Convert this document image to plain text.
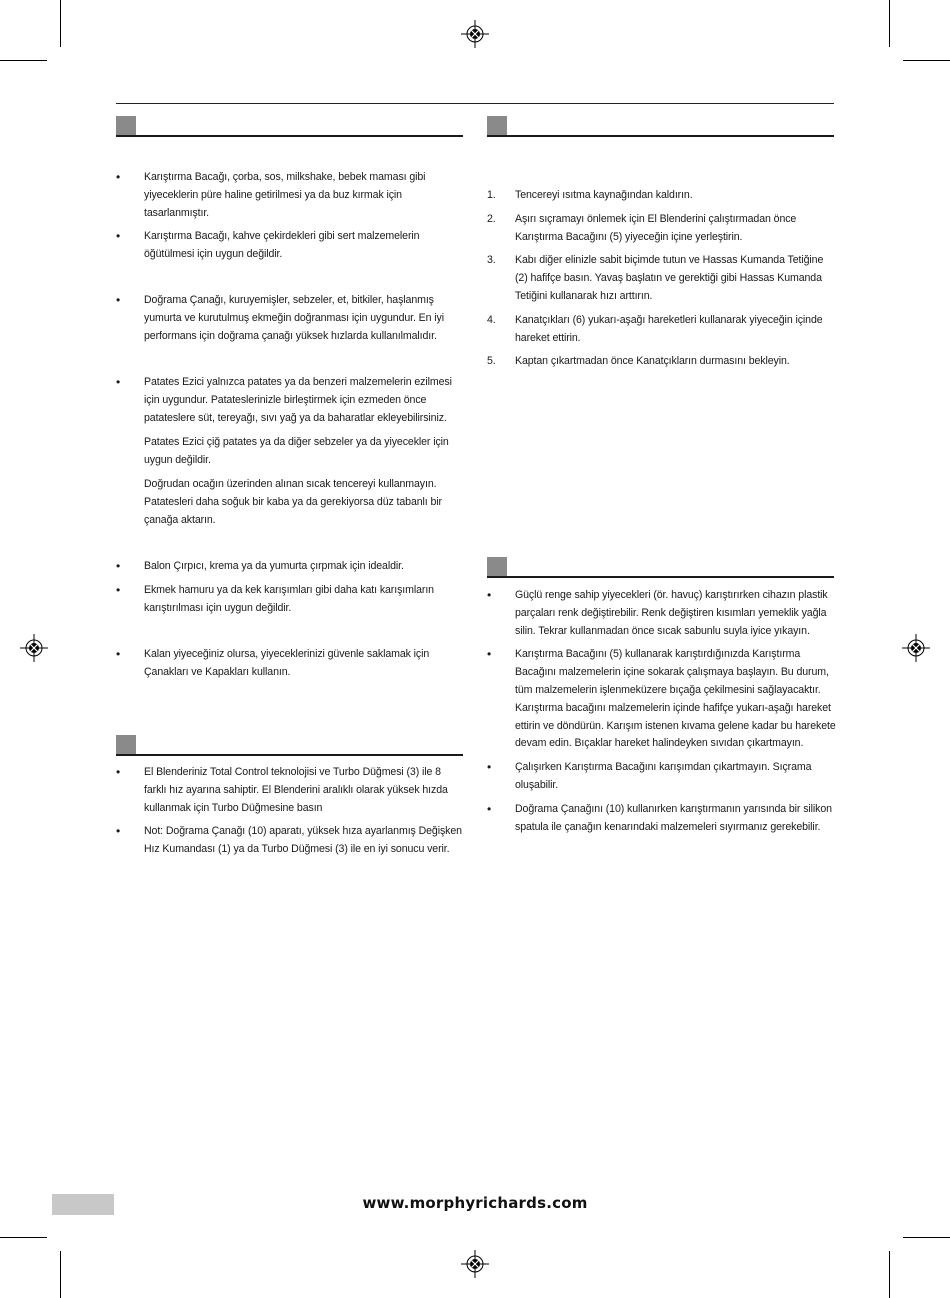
• Karıştırma Bacağı, çorba, sos, milkshake, bebek maması gibi yiyeceklerin püre haline getirilmesi ya da buz kırmak için tasarlanmıştır.
• Karıştırma Bacağı, kahve çekirdekleri gibi sert malzemelerin öğütülmesi için uygun değildir.
• Doğrama Çanağı, kuruyemişler, sebzeler, et, bitkiler, haşlanmış yumurta ve kurutulmuş ekmeğin doğranması için uygundur. En iyi performans için doğrama çanağı yüksek hızlarda kullanılmalıdır.
• Patates Ezici yalnızca patates ya da benzeri malzemelerin ezilmesi için uygundur. Patateslerinizle birleştirmek için ezmeden önce patateslere süt, tereyağı, sıvı yağ ya da baharatlar ekleyebilirsiniz.

Patates Ezici çiğ patates ya da diğer sebzeler ya da yiyecekler için uygun değildir.

Doğrudan ocağın üzerinden alınan sıcak tencereyi kullanmayın. Patatesleri daha soğuk bir kaba ya da gerekiyorsa düz tabanlı bir çanağa aktarın.

• Balon Çırpıcı, krema ya da yumurta çırpmak için idealdir.
• Ekmek hamuru ya da kek karışımları gibi daha katı karışımların karıştırılması için uygun değildir.
• Kalan yiyeceğiniz olursa, yiyeceklerinizi güvenle saklamak için Çanakları ve Kapakları kullanın.
• El Blenderiniz Total Control teknolojisi ve Turbo Düğmesi (3) ile 8 farklı hız ayarına sahiptir. El Blenderini aralıklı olarak yüksek hızda kullanmak için Turbo Düğmesine basın
• Not: Doğrama Çanağı (10) aparatı, yüksek hıza ayarlanmış Değişken Hız Kumandası (1) ya da Turbo Düğmesi (3) ile en iyi sonucu verir.
1. Tencereyi ısıtma kaynağından kaldırın.
2. Aşırı sıçramayı önlemek için El Blenderini çalıştırmadan önce Karıştırma Bacağını (5) yiyeceğin içine yerleştirin.
3. Kabı diğer elinizle sabit biçimde tutun ve Hassas Kumanda Tetiğine (2) hafifçe basın. Yavaş başlatın ve gerektiği gibi Hassas Kumanda Tetiğini kullanarak hızı arttırın.
4. Kanatçıkları (6) yukarı-aşağı hareketleri kullanarak yiyeceğin içinde hareket ettirin.
5. Kaptan çıkartmadan önce Kanatçıkların durmasını bekleyin.
• Güçlü renge sahip yiyecekleri (ör. havuç) karıştırırken cihazın plastik parçaları renk değiştirebilir. Renk değiştiren kısımları yemeklik yağla silin. Tekrar kullanmadan önce sıcak sabunlu suyla iyice yıkayın.
• Karıştırma Bacağını (5) kullanarak karıştırdığınızda Karıştırma Bacağını malzemelerin içine sokarak çalışmaya başlayın. Bu durum, tüm malzemelerin işlenmeküzere bıçağa çekilmesini sağlayacaktır. Karıştırma bacağını malzemelerin içinde hafifçe yukarı-aşağı hareket ettirin ve döndürün. Karışım istenen kıvama gelene kadar bu harekete devam edin. Bıçaklar hareket halindeyken sıvıdan çıkartmayın.
• Çalışırken Karıştırma Bacağını karışımdan çıkartmayın. Sıçrama oluşabilir.
• Doğrama Çanağını (10) kullanırken karıştırmanın yarısında bir silikon spatula ile çanağın kenarındaki malzemeleri sıyırmanız gerekebilir.
www.morphyrichards.com
